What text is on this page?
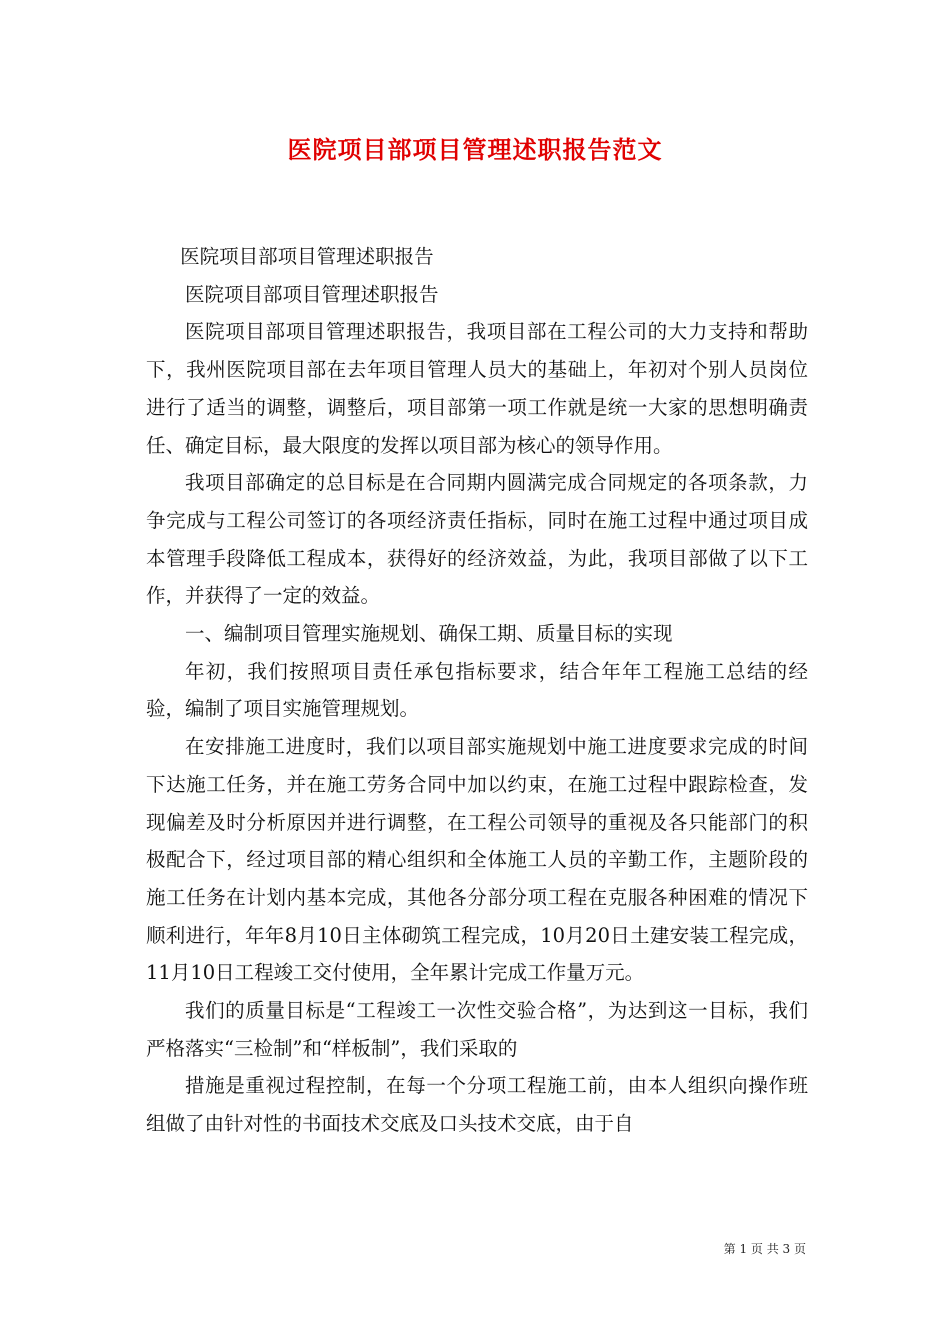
医院项目部项目管理述职报告范文

医院项目部项目管理述职报告

医院项目部项目管理述职报告

医院项目部项目管理述职报告，我项目部在工程公司的大力支持和帮助下，我州医院项目部在去年项目管理人员大的基础上，年初对个别人员岗位进行了适当的调整，调整后，项目部第一项工作就是统一大家的思想明确责任、确定目标，最大限度的发挥以项目部为核心的领导作用。

我项目部确定的总目标是在合同期内圆满完成合同规定的各项条款，力争完成与工程公司签订的各项经济责任指标，同时在施工过程中通过项目成本管理手段降低工程成本，获得好的经济效益，为此，我项目部做了以下工作，并获得了一定的效益。

一、编制项目管理实施规划、确保工期、质量目标的实现

年初，我们按照项目责任承包指标要求，结合年年工程施工总结的经验，编制了项目实施管理规划。

在安排施工进度时，我们以项目部实施规划中施工进度要求完成的时间下达施工任务，并在施工劳务合同中加以约束，在施工过程中跟踪检查，发现偏差及时分析原因并进行调整，在工程公司领导的重视及各只能部门的积极配合下，经过项目部的精心组织和全体施工人员的辛勤工作，主题阶段的施工任务在计划内基本完成，其他各分部分项工程在克服各种困难的情况下顺利进行，年年8月10日主体砌筑工程完成，10月20日土建安装工程完成，11月10日工程竣工交付使用，全年累计完成工作量万元。

我们的质量目标是“工程竣工一次性交验合格”，为达到这一目标，我们严格落实“三检制”和“样板制”，我们采取的

措施是重视过程控制，在每一个分项工程施工前，由本人组织向操作班组做了由针对性的书面技术交底及口头技术交底，由于自

第 1 页 共 3 页
